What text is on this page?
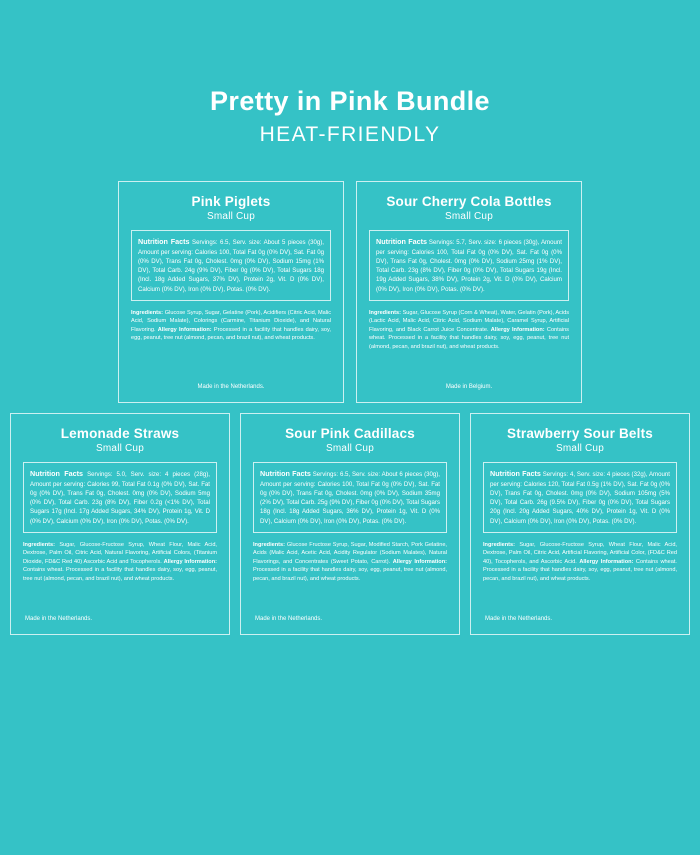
Pretty in Pink Bundle
HEAT-FRIENDLY
Pink Piglets
Small Cup
Nutrition Facts Servings: 6.5, Serv. size: About 5 pieces (30g), Amount per serving: Calories 100, Total Fat 0g (0% DV), Sat. Fat 0g (0% DV), Trans Fat 0g, Cholest. 0mg (0% DV), Sodium 15mg (1% DV), Total Carb. 24g (9% DV), Fiber 0g (0% DV), Total Sugars 18g (Incl. 18g Added Sugars, 37% DV), Protein 2g, Vit. D (0% DV), Calcium (0% DV), Iron (0% DV), Potas. (0% DV).
Ingredients: Glucose Syrup, Sugar, Gelatine (Pork), Acidifiers (Citric Acid, Malic Acid, Sodium Malate), Colorings (Carmine, Titanium Dioxide), and Natural Flavoring. Allergy Information: Processed in a facility that handles dairy, soy, egg, peanut, tree nut (almond, pecan, and brazil nut), and wheat products.
Made in the Netherlands.
Sour Cherry Cola Bottles
Small Cup
Nutrition Facts Servings: 5.7, Serv. size: 6 pieces (30g), Amount per serving: Calories 100, Total Fat 0g (0% DV), Sat. Fat 0g (0% DV), Trans Fat 0g, Cholest. 0mg (0% DV), Sodium 25mg (1% DV), Total Carb. 23g (8% DV), Fiber 0g (0% DV), Total Sugars 19g (Incl. 19g Added Sugars, 38% DV), Protein 2g, Vit. D (0% DV), Calcium (0% DV), Iron (0% DV), Potas. (0% DV).
Ingredients: Sugar, Glucose Syrup (Corn & Wheat), Water, Gelatin (Pork), Acids (Lactic Acid, Malic Acid, Citric Acid, Sodium Malate), Caramel Syrup, Artificial Flavoring, and Black Carrot Juice Concentrate. Allergy Information: Contains wheat. Processed in a facility that handles dairy, soy, egg, peanut, tree nut (almond, pecan, and brazil nut), and wheat products.
Made in Belgium.
Lemonade Straws
Small Cup
Nutrition Facts Servings: 5.0, Serv. size: 4 pieces (28g), Amount per serving: Calories 99, Total Fat 0.1g (0% DV), Sat. Fat 0g (0% DV), Trans Fat 0g, Cholest. 0mg (0% DV), Sodium 5mg (0% DV), Total Carb. 23g (8% DV), Fiber 0.2g (<1% DV), Total Sugars 17g (Incl. 17g Added Sugars, 34% DV), Protein 1g, Vit. D (0% DV), Calcium (0% DV), Iron (0% DV), Potas. (0% DV).
Ingredients: Sugar, Glucose-Fructose Syrup, Wheat Flour, Malic Acid, Dextrose, Palm Oil, Citric Acid, Natural Flavoring, Artificial Colors, (Titanium Dioxide, FD&C Red 40) Ascorbic Acid and Tocopherols. Allergy Information: Contains wheat. Processed in a facility that handles dairy, soy, egg, peanut, tree nut (almond, pecan, and brazil nut), and wheat products.
Made in the Netherlands.
Sour Pink Cadillacs
Small Cup
Nutrition Facts Servings: 6.5, Serv. size: About 6 pieces (30g), Amount per serving: Calories 100, Total Fat 0g (0% DV), Sat. Fat 0g (0% DV), Trans Fat 0g, Cholest. 0mg (0% DV), Sodium 35mg (2% DV), Total Carb. 25g (9% DV), Fiber 0g (0% DV), Total Sugars 18g (Incl. 18g Added Sugars, 36% DV), Protein 1g, Vit. D (0% DV), Calcium (0% DV), Iron (0% DV), Potas. (0% DV).
Ingredients: Glucose Fructose Syrup, Sugar, Modified Starch, Pork Gelatine, Acids (Malic Acid, Acetic Acid, Acidity Regulator (Sodium Malates), Natural Flavorings, and Concentrates (Sweet Potato, Carrot). Allergy Information: Processed in a facility that handles dairy, soy, egg, peanut, tree nut (almond, pecan, and brazil nut), and wheat products.
Made in the Netherlands.
Strawberry Sour Belts
Small Cup
Nutrition Facts Servings: 4, Serv. size: 4 pieces (32g), Amount per serving: Calories 120, Total Fat 0.5g (1% DV), Sat. Fat 0g (0% DV), Trans Fat 0g, Cholest. 0mg (0% DV), Sodium 105mg (5% DV), Total Carb. 26g (9.5% DV), Fiber 0g (0% DV), Total Sugars 20g (Incl. 20g Added Sugars, 40% DV), Protein 1g, Vit. D (0% DV), Calcium (0% DV), Iron (0% DV), Potas. (0% DV).
Ingredients: Sugar, Glucose-Fructose Syrup, Wheat Flour, Malic Acid, Dextrose, Palm Oil, Citric Acid, Artificial Flavoring, Artificial Color, (FD&C Red 40), Tocopherols, and Ascorbic Acid. Allergy Information: Contains wheat. Processed in a facility that handles dairy, soy, egg, peanut, tree nut (almond, pecan, and brazil nut), and wheat products.
Made in the Netherlands.
